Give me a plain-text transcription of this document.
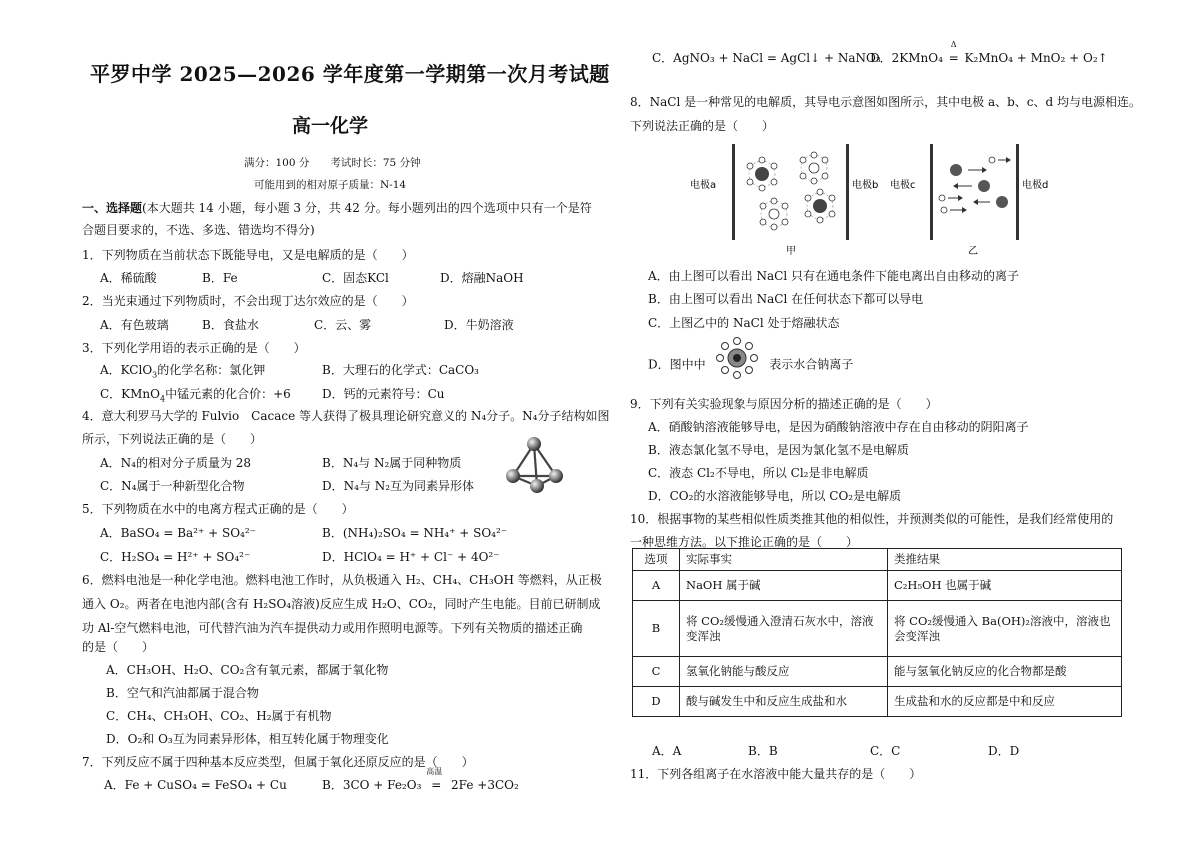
平罗中学 2025—2026 学年度第一学期第一次月考试题
高一化学
满分：100 分　　考试时长：75 分钟
可能用到的相对原子质量：N-14
一、选择题(本大题共 14 小题，每小题 3 分，共 42 分。每小题列出的四个选项中只有一个是符
合题目要求的，不选、多选、错选均不得分)
1．下列物质在当前状态下既能导电，又是电解质的是（　　）
A．稀硫酸	B．Fe	C．固态KCl	D．熔融NaOH
2．当光束通过下列物质时，不会出现丁达尔效应的是（　　）
A．有色玻璃	B．食盐水	C．云、雾	D．牛奶溶液
3．下列化学用语的表示正确的是（　　）
A．KClO$_3$的化学名称：氯化钾	B．大理石的化学式：CaCO₃
C．KMnO$_4$中锰元素的化合价：+6	D．钙的元素符号：Cu
4．意大利罗马大学的 Fulvio　Cacace 等人获得了极具理论研究意义的 N₄分子。N₄分子结构如图
所示，下列说法正确的是（　　）
A．N₄的相对分子质量为 28	B．N₄与 N₂属于同种物质
C．N₄属于一种新型化合物	D．N₄与 N₂互为同素异形体
5．下列物质在水中的电离方程式正确的是（　　）
A．BaSO₄ = Ba²⁺ + SO₄²⁻	B．(NH₄)₂SO₄ = NH₄⁺ + SO₄²⁻
C．H₂SO₄ = H²⁺ + SO₄²⁻	D．HClO₄ = H⁺ + Cl⁻ + 4O²⁻
6．燃料电池是一种化学电池。燃料电池工作时，从负极通入 H₂、CH₄、CH₃OH 等燃料，从正极
通入 O₂。两者在电池内部(含有 H₂SO₄溶液)反应生成 H₂O、CO₂，同时产生电能。目前已研制成
功 Al-空气燃料电池，可代替汽油为汽车提供动力或用作照明电源等。下列有关物质的描述正确
的是（　　）
A．CH₃OH、H₂O、CO₂含有氧元素，都属于氧化物
B．空气和汽油都属于混合物
C．CH₄、CH₃OH、CO₂、H₂属于有机物
D．O₂和 O₃互为同素异形体，相互转化属于物理变化
7．下列反应不属于四种基本反应类型，但属于氧化还原反应的是（　　）
A．Fe + CuSO₄ = FeSO₄ + Cu	B．3CO + Fe₂O₃
高温
= 2Fe +3CO₂
C．AgNO₃ + NaCl = AgCl↓ + NaNO₃
D．2KMnO₄
Δ
= K₂MnO₄ + MnO₂ + O₂↑
8．NaCl 是一种常见的电解质，其导电示意图如图所示，其中电极 a、b、c、d 均与电源相连。
下列说法正确的是（　　）
电极a	电极b 电极c	电极d
甲	乙
A．由上图可以看出 NaCl 只有在通电条件下能电离出自由移动的离子
B．由上图可以看出 NaCl 在任何状态下都可以导电
C．上图乙中的 NaCl 处于熔融状态
D．图中中	表示水合钠离子
9．下列有关实验现象与原因分析的描述正确的是（　　）
A．硝酸钠溶液能够导电，是因为硝酸钠溶液中存在自由移动的阴阳离子
B．液态氯化氢不导电，是因为氯化氢不是电解质
C．液态 Cl₂不导电，所以 Cl₂是非电解质
D．CO₂的水溶液能够导电，所以 CO₂是电解质
10．根据事物的某些相似性质类推其他的相似性，并预测类似的可能性，是我们经常使用的
一种思维方法。以下推论正确的是（　　）
选项	实际事实	类推结果
A	NaOH 属于碱	C₂H₅OH 也属于碱
B	将 CO₂缓慢通入澄清石灰水中，溶液变浑浊	将 CO₂缓慢通入 Ba(OH)₂溶液中，溶液也会变浑浊
C	氢氧化钠能与酸反应	能与氢氧化钠反应的化合物都是酸
D	酸与碱发生中和反应生成盐和水	生成盐和水的反应都是中和反应
A．A	B．B	C．C	D．D
11．下列各组离子在水溶液中能大量共存的是（　　）
